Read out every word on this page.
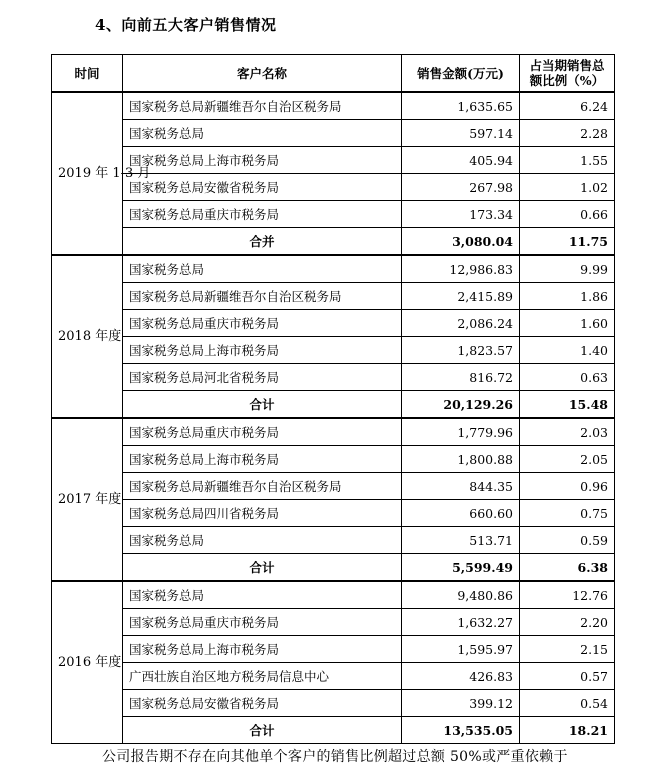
4、向前五大客户销售情况
时间	客户名称	销售金额(万元)	占当期销售总额比例（%）
2019 年 1-3 月	国家税务总局新疆维吾尔自治区税务局	1,635.65	6.24
	国家税务总局	597.14	2.28
	国家税务总局上海市税务局	405.94	1.55
	国家税务总局安徽省税务局	267.98	1.02
	国家税务总局重庆市税务局	173.34	0.66
	合并	3,080.04	11.75
2018 年度	国家税务总局	12,986.83	9.99
	国家税务总局新疆维吾尔自治区税务局	2,415.89	1.86
	国家税务总局重庆市税务局	2,086.24	1.60
	国家税务总局上海市税务局	1,823.57	1.40
	国家税务总局河北省税务局	816.72	0.63
	合计	20,129.26	15.48
2017 年度	国家税务总局重庆市税务局	1,779.96	2.03
	国家税务总局上海市税务局	1,800.88	2.05
	国家税务总局新疆维吾尔自治区税务局	844.35	0.96
	国家税务总局四川省税务局	660.60	0.75
	国家税务总局	513.71	0.59
	合计	5,599.49	6.38
2016 年度	国家税务总局	9,480.86	12.76
	国家税务总局重庆市税务局	1,632.27	2.20
	国家税务总局上海市税务局	1,595.97	2.15
	广西壮族自治区地方税务局信息中心	426.83	0.57
	国家税务总局安徽省税务局	399.12	0.54
	合计	13,535.05	18.21
公司报告期不存在向其他单个客户的销售比例超过总额 50%或严重依赖于
